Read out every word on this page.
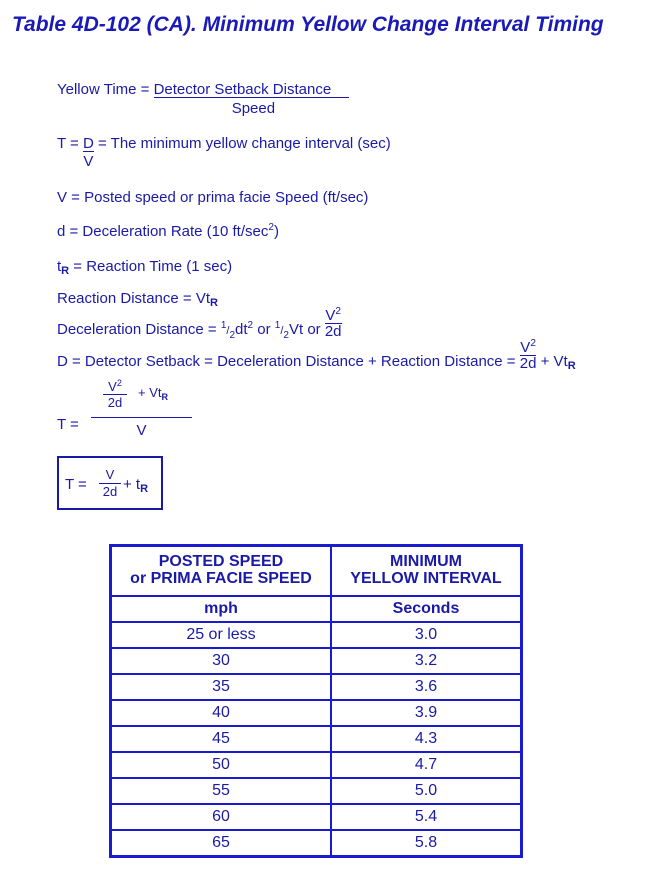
Table 4D-102 (CA). Minimum Yellow Change Interval Timing
Yellow Time = Detector Setback Distance
Speed
$T = \frac{D}{V}$ = The minimum yellow change interval (sec)
V = Posted speed or prima facie Speed (ft/sec)
d = Deceleration Rate (10 $ft/\sec^2$)
$t_R$ = Reaction Time (1 sec)
Reaction Distance = $Vt_R$
Deceleration Distance = $^1/_2dt_2$ or $^1/_2Vt$ or $\frac{V^2}{2d}$
D = Detector Setback = Deceleration Distance + Reaction Distance = $\frac{V^2}{2d} + Vt_R$
T =
$\frac{V^2}{2d} + Vt_R$
V
$T = \frac{V}{2d} + t_R$
POSTED SPEED
or PRIMA FACIE SPEED	MINIMUM
YELLOW INTERVAL
mph	Seconds
25 or less	3.0
30	3.2
35	3.6
40	3.9
45	4.3
50	4.7
55	5.0
60	5.4
65	5.8
